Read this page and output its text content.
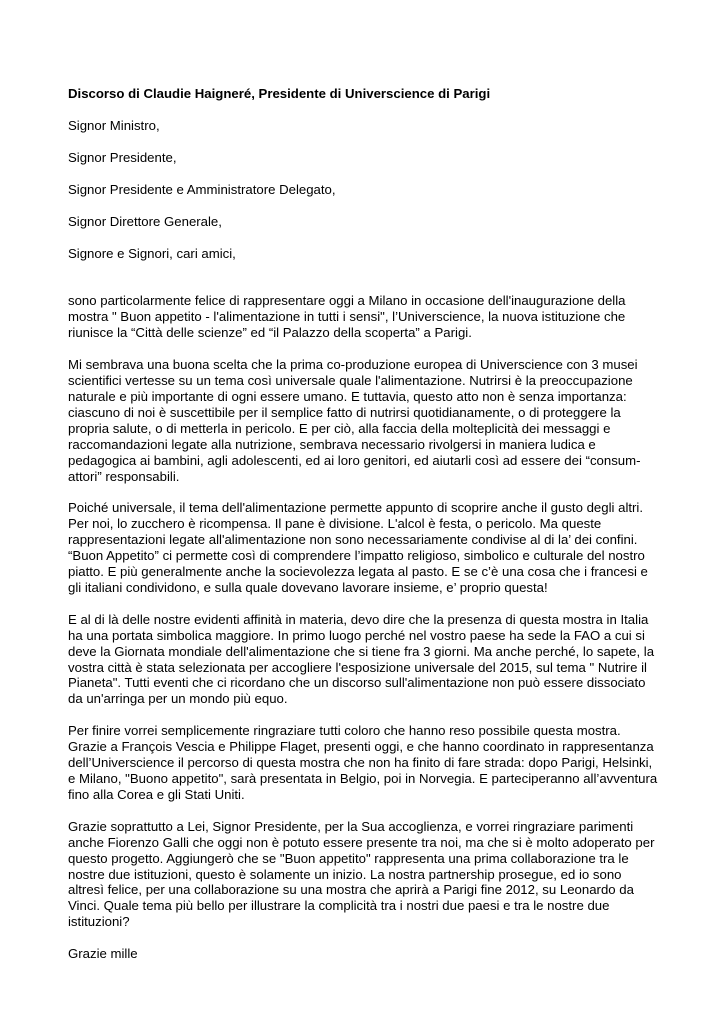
Discorso di Claudie Haigneré, Presidente di Universcience di Parigi

Signor Ministro,

Signor Presidente,

Signor Presidente e Amministratore Delegato,

Signor Direttore Generale,

Signore e Signori, cari amici,

sono particolarmente felice di rappresentare oggi a Milano in occasione dell'inaugurazione della mostra " Buon appetito - l'alimentazione in tutti i sensi", l’Universcience, la nuova istituzione che riunisce la “Città delle scienze” ed “il Palazzo della scoperta” a Parigi.

Mi sembrava una buona scelta che la prima co-produzione europea di Universcience con 3 musei scientifici vertesse su un tema così universale quale l'alimentazione. Nutrirsi è la preoccupazione naturale e più importante di ogni essere umano. E tuttavia, questo atto non è senza importanza: ciascuno di noi è suscettibile per il semplice fatto di nutrirsi quotidianamente, o di proteggere la propria salute, o di metterla in pericolo. E per ciò, alla faccia della molteplicità dei messaggi e raccomandazioni legate alla nutrizione, sembrava necessario rivolgersi in maniera ludica e pedagogica ai bambini, agli adolescenti, ed ai loro genitori, ed aiutarli così ad essere dei “consum-attori” responsabili.

Poiché universale, il tema dell'alimentazione permette appunto di scoprire anche il gusto degli altri. Per noi, lo zucchero è ricompensa. Il pane è divisione. L'alcol è festa, o pericolo. Ma queste rappresentazioni legate all'alimentazione non sono necessariamente condivise al di la’ dei confini. “Buon Appetito” ci permette così di comprendere l’impatto religioso, simbolico e culturale del nostro piatto. E più generalmente anche la socievolezza legata al pasto. E se c’è una cosa che i francesi e gli italiani condividono, e sulla quale dovevano lavorare insieme, e’ proprio questa!

E al di là delle nostre evidenti affinità in materia, devo dire che la presenza di questa mostra in Italia ha una portata simbolica maggiore. In primo luogo perché nel vostro paese ha sede la FAO a cui si deve la Giornata mondiale dell'alimentazione che si tiene fra 3 giorni. Ma anche perché, lo sapete, la vostra città è stata selezionata per accogliere l'esposizione universale del 2015, sul tema " Nutrire il Pianeta". Tutti eventi che ci ricordano che un discorso sull'alimentazione non può essere dissociato da un'arringa per un mondo più equo.

Per finire vorrei semplicemente ringraziare tutti coloro che hanno reso possibile questa mostra. Grazie a François Vescia e Philippe Flaget, presenti oggi, e che hanno coordinato in rappresentanza dell’Universcience il percorso di questa mostra che non ha finito di fare strada: dopo Parigi, Helsinki, e Milano, "Buono appetito", sarà presentata in Belgio, poi in Norvegia. E parteciperanno all’avventura fino alla Corea e gli Stati Uniti.

Grazie soprattutto a Lei, Signor Presidente, per la Sua accoglienza, e vorrei ringraziare parimenti anche Fiorenzo Galli che oggi non è potuto essere presente tra noi, ma che si è molto adoperato per questo progetto. Aggiungerò che se "Buon appetito" rappresenta una prima collaborazione tra le nostre due istituzioni, questo è solamente un inizio. La nostra partnership prosegue, ed io sono altresì felice, per una collaborazione su una mostra che aprirà a Parigi fine 2012, su Leonardo da Vinci. Quale tema più bello per illustrare la complicità tra i nostri due paesi e tra le nostre due istituzioni?

Grazie mille
